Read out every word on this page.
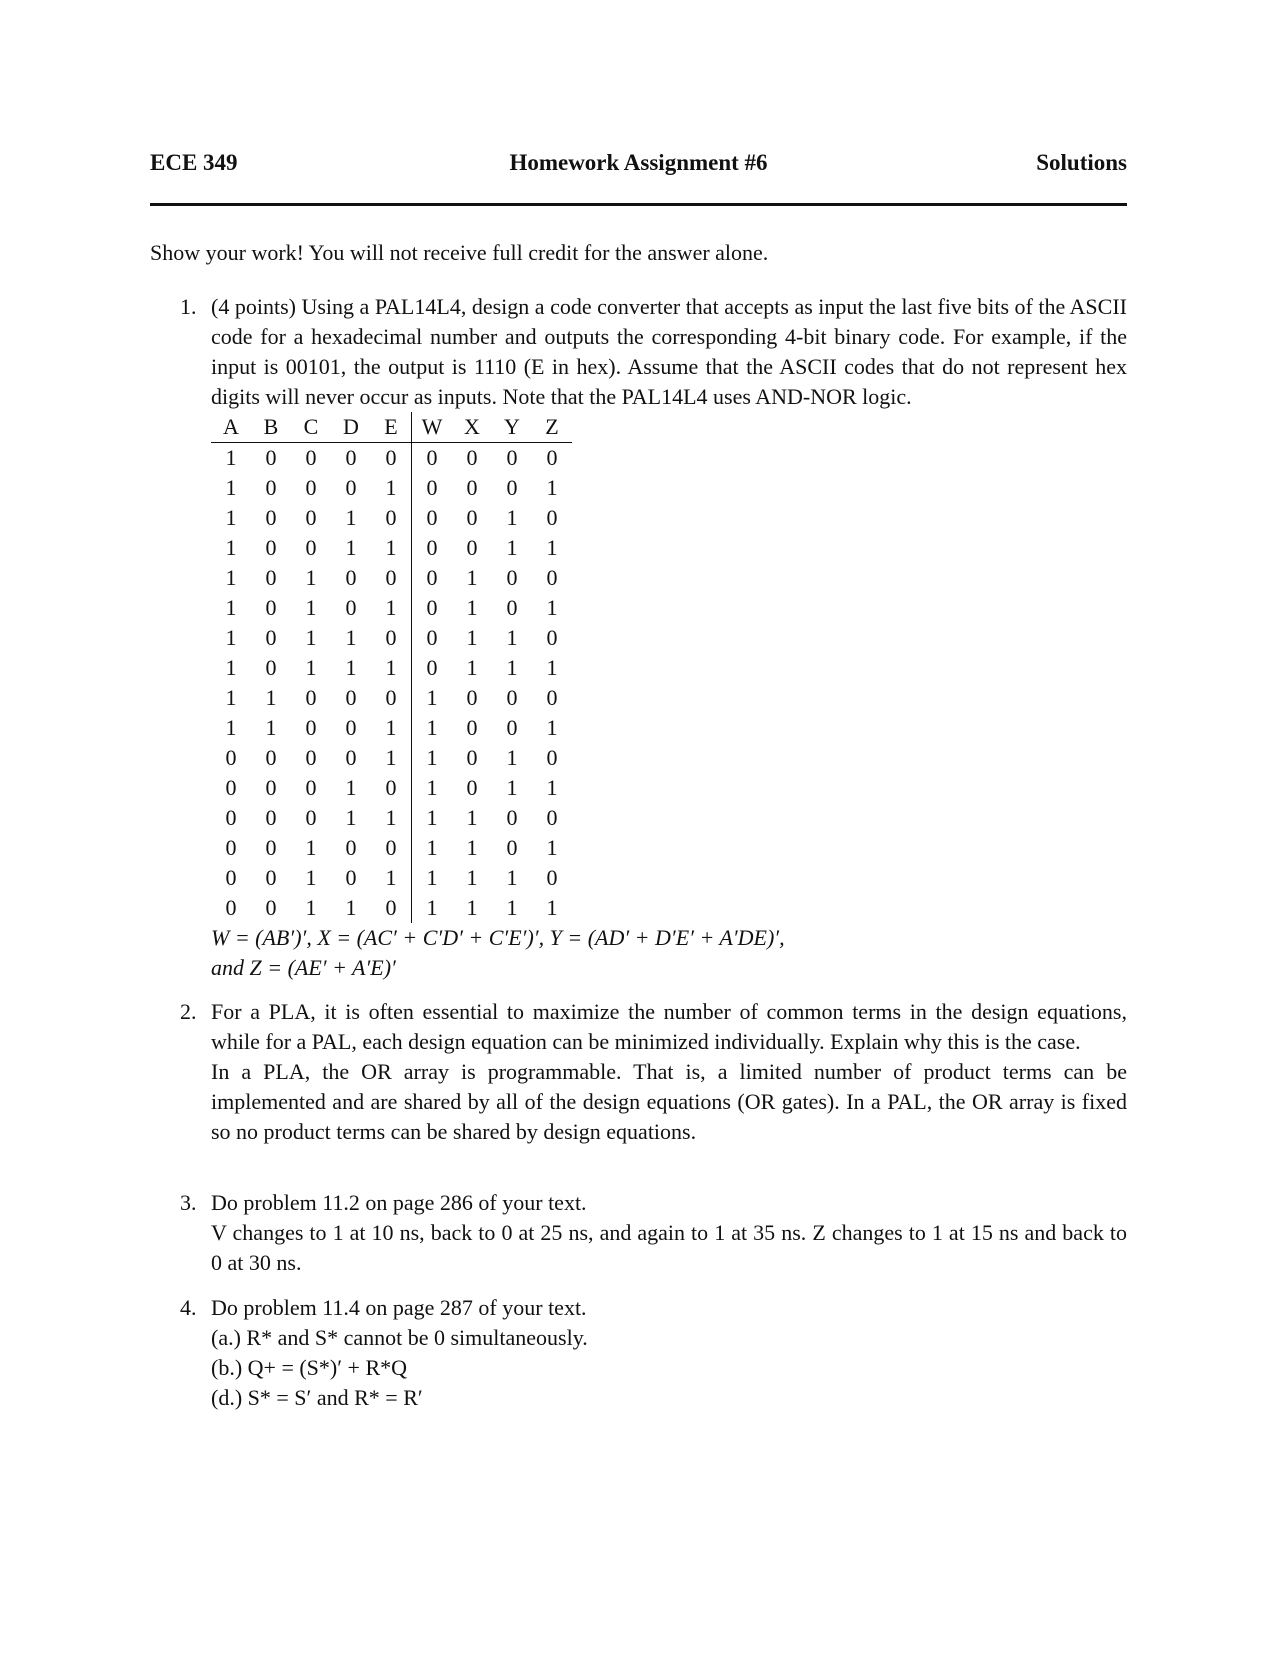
ECE 349	Homework Assignment #6	Solutions
Show your work! You will not receive full credit for the answer alone.
1. (4 points) Using a PAL14L4, design a code converter that accepts as input the last five bits of the ASCII code for a hexadecimal number and outputs the corresponding 4-bit binary code. For example, if the input is 00101, the output is 1110 (E in hex). Assume that the ASCII codes that do not represent hex digits will never occur as inputs. Note that the PAL14L4 uses AND-NOR logic.

A	B	C	D	E	W	X	Y	Z
1	0	0	0	0	0	0	0	0
1	0	0	0	1	0	0	0	1
1	0	0	1	0	0	0	1	0
1	0	0	1	1	0	0	1	1
1	0	1	0	0	0	1	0	0
1	0	1	0	1	0	1	0	1
1	0	1	1	0	0	1	1	0
1	0	1	1	1	0	1	1	1
1	1	0	0	0	1	0	0	0
1	1	0	0	1	1	0	0	1
0	0	0	0	1	1	0	1	0
0	0	0	1	0	1	0	1	1
0	0	0	1	1	1	1	0	0
0	0	1	0	0	1	1	0	1
0	0	1	0	1	1	1	1	0
0	0	1	1	0	1	1	1	1

W = (AB′)′, X = (AC′ + C′D′ + C′E′)′, Y = (AD′ + D′E′ + A′DE)′,

and Z = (AE′ + A′E)′

2. For a PLA, it is often essential to maximize the number of common terms in the design equations, while for a PAL, each design equation can be minimized individually. Explain why this is the case.

In a PLA, the OR array is programmable. That is, a limited number of product terms can be implemented and are shared by all of the design equations (OR gates). In a PAL, the OR array is fixed so no product terms can be shared by design equations.

3. Do problem 11.2 on page 286 of your text.

V changes to 1 at 10 ns, back to 0 at 25 ns, and again to 1 at 35 ns. Z changes to 1 at 15 ns and back to 0 at 30 ns.

4. Do problem 11.4 on page 287 of your text.

(a.) R* and S* cannot be 0 simultaneously.

(b.) Q+ = (S*)′ + R*Q

(d.) S* = S′ and R* = R′
